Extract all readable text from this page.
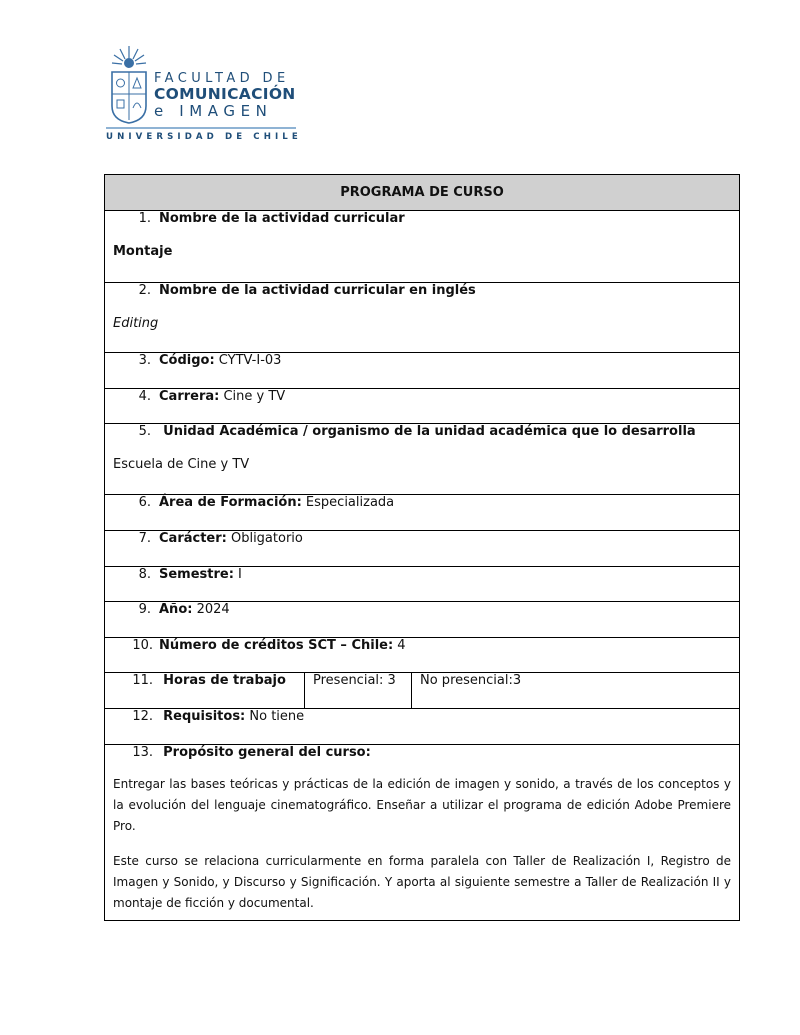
FACULTAD DE
COMUNICACIÓN
e IMAGEN
UNIVERSIDAD DE CHILE
PROGRAMA DE CURSO

1. Nombre de la actividad curricular
Montaje

2. Nombre de la actividad curricular en inglés
Editing

3. Código: CYTV-I-03
4. Carrera: Cine y TV

5. Unidad Académica / organismo de la unidad académica que lo desarrolla
Escuela de Cine y TV

6. Área de Formación: Especializada
7. Carácter: Obligatorio
8. Semestre: I
9. Año: 2024
10. Número de créditos SCT – Chile: 4
11. Horas de trabajo	Presencial: 3	No presencial:3
12. Requisitos: No tiene

13. Propósito general del curso:

Entregar las bases teóricas y prácticas de la edición de imagen y sonido, a través de los conceptos y la evolución del lenguaje cinematográfico. Enseñar a utilizar el programa de edición Adobe Premiere Pro.

Este curso se relaciona curricularmente en forma paralela con Taller de Realización I, Registro de Imagen y Sonido, y Discurso y Significación. Y aporta al siguiente semestre a Taller de Realización II y montaje de ficción y documental.
